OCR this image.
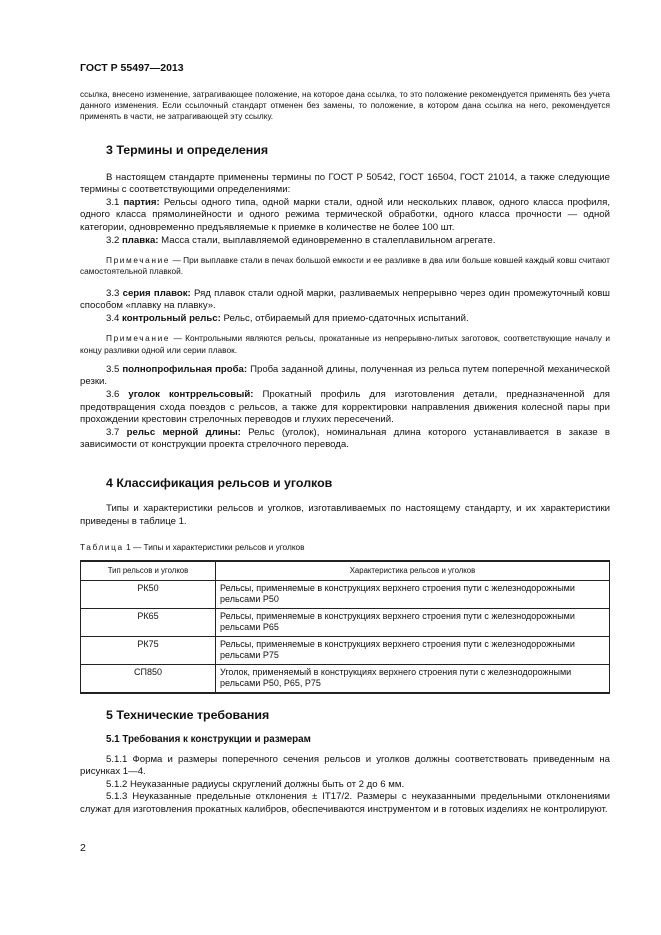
ГОСТ Р 55497—2013

ссылка, внесено изменение, затрагивающее положение, на которое дана ссылка, то это положение рекомендуется применять без учета данного изменения. Если ссылочный стандарт отменен без замены, то положение, в котором дана ссылка на него, рекомендуется применять в части, не затрагивающей эту ссылку.

3 Термины и определения

В настоящем стандарте применены термины по ГОСТ Р 50542, ГОСТ 16504, ГОСТ 21014, а также следующие термины с соответствующими определениями:

3.1 партия: Рельсы одного типа, одной марки стали, одной или нескольких плавок, одного класса профиля, одного класса прямолинейности и одного режима термической обработки, одного класса прочности — одной категории, одновременно предъявляемые к приемке в количестве не более 100 шт.

3.2 плавка: Масса стали, выплавляемой единовременно в сталеплавильном агрегате.

Примечание — При выплавке стали в печах большой емкости и ее разливке в два или больше ковшей каждый ковш считают самостоятельной плавкой.

3.3 серия плавок: Ряд плавок стали одной марки, разливаемых непрерывно через один промежуточный ковш способом «плавку на плавку».

3.4 контрольный рельс: Рельс, отбираемый для приемо-сдаточных испытаний.

Примечание — Контрольными являются рельсы, прокатанные из непрерывно-литых заготовок, соответствующие началу и концу разливки одной или серии плавок.

3.5 полнопрофильная проба: Проба заданной длины, полученная из рельса путем поперечной механической резки.

3.6 уголок контррельсовый: Прокатный профиль для изготовления детали, предназначенной для предотвращения схода поездов с рельсов, а также для корректировки направления движения колесной пары при прохождении крестовин стрелочных переводов и глухих пересечений.

3.7 рельс мерной длины: Рельс (уголок), номинальная длина которого устанавливается в заказе в зависимости от конструкции проекта стрелочного перевода.

4 Классификация рельсов и уголков

Типы и характеристики рельсов и уголков, изготавливаемых по настоящему стандарту, и их характеристики приведены в таблице 1.

Таблица 1 — Типы и характеристики рельсов и уголков

Тип рельсов и уголков	Характеристика рельсов и уголков
РК50	Рельсы, применяемые в конструкциях верхнего строения пути с железнодорожными рельсами Р50
РК65	Рельсы, применяемые в конструкциях верхнего строения пути с железнодорожными рельсами Р65
РК75	Рельсы, применяемые в конструкциях верхнего строения пути с железнодорожными рельсами Р75
СП850	Уголок, применяемый в конструкциях верхнего строения пути с железнодорожными рельсами Р50, Р65, Р75
5 Технические требования
5.1 Требования к конструкции и размерам

5.1.1 Форма и размеры поперечного сечения рельсов и уголков должны соответствовать приведенным на рисунках 1—4.

5.1.2 Неуказанные радиусы скруглений должны быть от 2 до 6 мм.

5.1.3 Неуказанные предельные отклонения ± IT17/2. Размеры с неуказанными предельными отклонениями служат для изготовления прокатных калибров, обеспечиваются инструментом и в готовых изделиях не контролируют.

2
